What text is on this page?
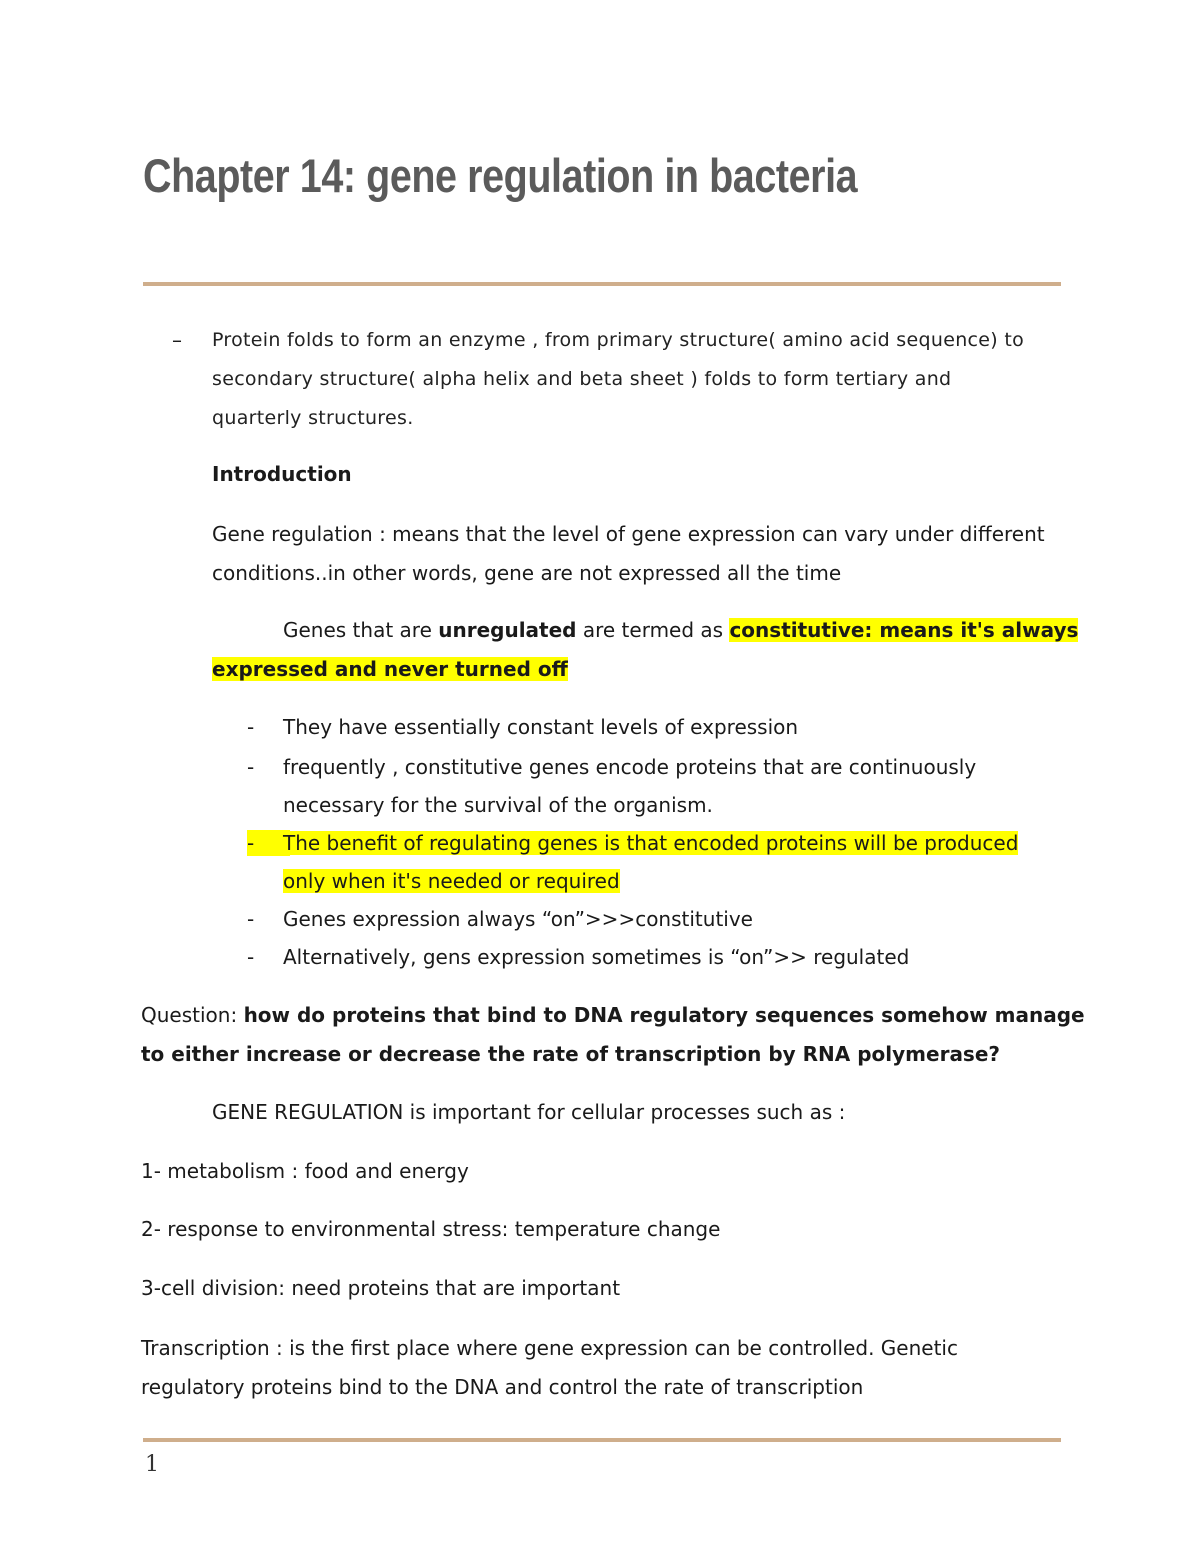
Chapter 14: gene regulation in bacteria
– Protein folds to form an enzyme , from primary structure( amino acid sequence) to
secondary structure( alpha helix and beta sheet ) folds to form tertiary and
quarterly structures.
Introduction
Gene regulation : means that the level of gene expression can vary under different
conditions..in other words, gene are not expressed all the time
Genes that are unregulated are termed as constitutive: means it's always
expressed and never turned off
- They have essentially constant levels of expression
- frequently , constitutive genes encode proteins that are continuously
necessary for the survival of the organism.
-	The benefit of regulating genes is that encoded proteins will be produced
only when it's needed or required
- Genes expression always “on”>>>constitutive
- Alternatively, gens expression sometimes is “on”>> regulated
Question: how do proteins that bind to DNA regulatory sequences somehow manage
to either increase or decrease the rate of transcription by RNA polymerase?
GENE REGULATION is important for cellular processes such as :
1- metabolism : food and energy
2- response to environmental stress: temperature change
3-cell division: need proteins that are important
Transcription : is the first place where gene expression can be controlled. Genetic
regulatory proteins bind to the DNA and control the rate of transcription
1
